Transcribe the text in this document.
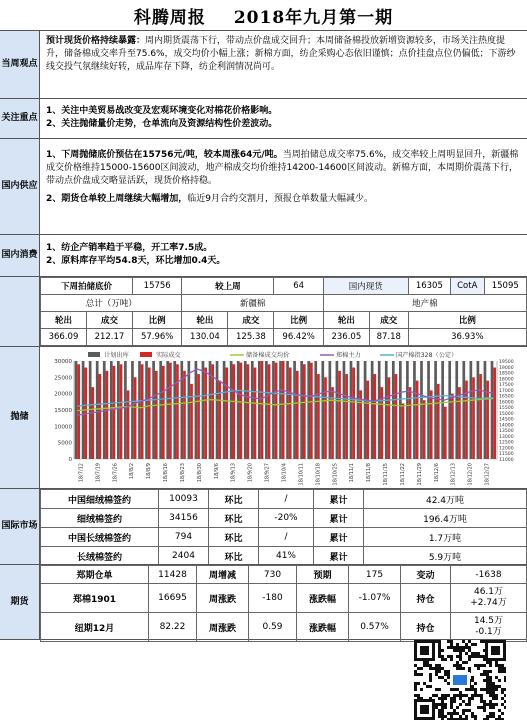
科腾周报 2018年九月第一期
当周观点
预计现货价格持续暴露：周内期货震荡下行，带动点价盘成交回升；本周储备棉投放新增资源较多，市场关注热度提升，储备棉成交率升至75.6%，成交均价小幅上涨；新棉方面，纺企采购心态依旧谨慎；点价挂盘点位仍偏低；下游纱线交投气氛继续好转，成品库存下降，纺企利润情况尚可。
关注重点

1、关注中美贸易战改变及宏观环境变化对棉花价格影响。

2、关注抛储量价走势，仓单流向及资源结构性价差波动。

国内供应

1、下周抛储底价预估在15756元/吨，较本周涨64元/吨。当周拍储总成交率75.6%，成交率较上周明显回升，新疆棉成交价格维持15000-15600区间波动，地产棉成交均价维持14200-14600区间波动。新棉方面，本周期价震荡下行，带动点价盘成交略显活跃，现货价格持稳。

2、期货仓单较上周继续大幅增加，临近9月合约交割月，预报仓单数量大幅减少。

国内消费

1、纺企产销率趋于平稳，开工率7.5成。

2、原料库存平均54.8天，环比增加0.4天。

下周拍储底价		15756	较上周		64	国内现货		16305	CotA	15095
总计（万吨）			新疆棉			地产棉				
轮出	成交	比例	轮出	成交	比例	轮出	成交	比例		
366.09	212.17	57.96%	130.04	125.38	96.42%	236.05	87.18	36.93%		
抛储
计划出库	实际成交	储备棉成交均价	郑棉主力	国产棉指328（公定）
30000
25000
20000
15000
10000
5000
0
19500
19000
18500
18000
17500
17000
16500
16000
15500
15000
14500
14000
13500
13000
12500
12000
11500
11000
18/7/12 18/7/19 18/7/26 18/8/2 18/8/9 18/8/16 18/8/23 18/8/30 18/9/6 18/9/13 18/9/20 18/9/27 18/10/4 18/10/11 18/10/18 18/10/25 18/11/1 18/11/8 18/11/15 18/11/22 18/11/29 18/12/6 18/12/13 18/12/20 18/12/27
国际市场
中国细绒棉签约	10093	环比	/	累计	42.4万吨
细绒棉签约	34156	环比	-20%	累计	196.4万吨
中国长绒棉签约	794	环比	/	累计	1.7万吨
长绒棉签约	2404	环比	41%	累计	5.9万吨
期货
郑期仓单	11428	周增减	730	预期	175	变动	-1638
郑棉1901	16695	周涨跌	-180	涨跌幅	-1.07%	持仓	46.1万
+2.74万

纽期12月	82.22	周涨跌	0.59	涨跌幅	0.57%	持仓	14.5万
-0.1万
